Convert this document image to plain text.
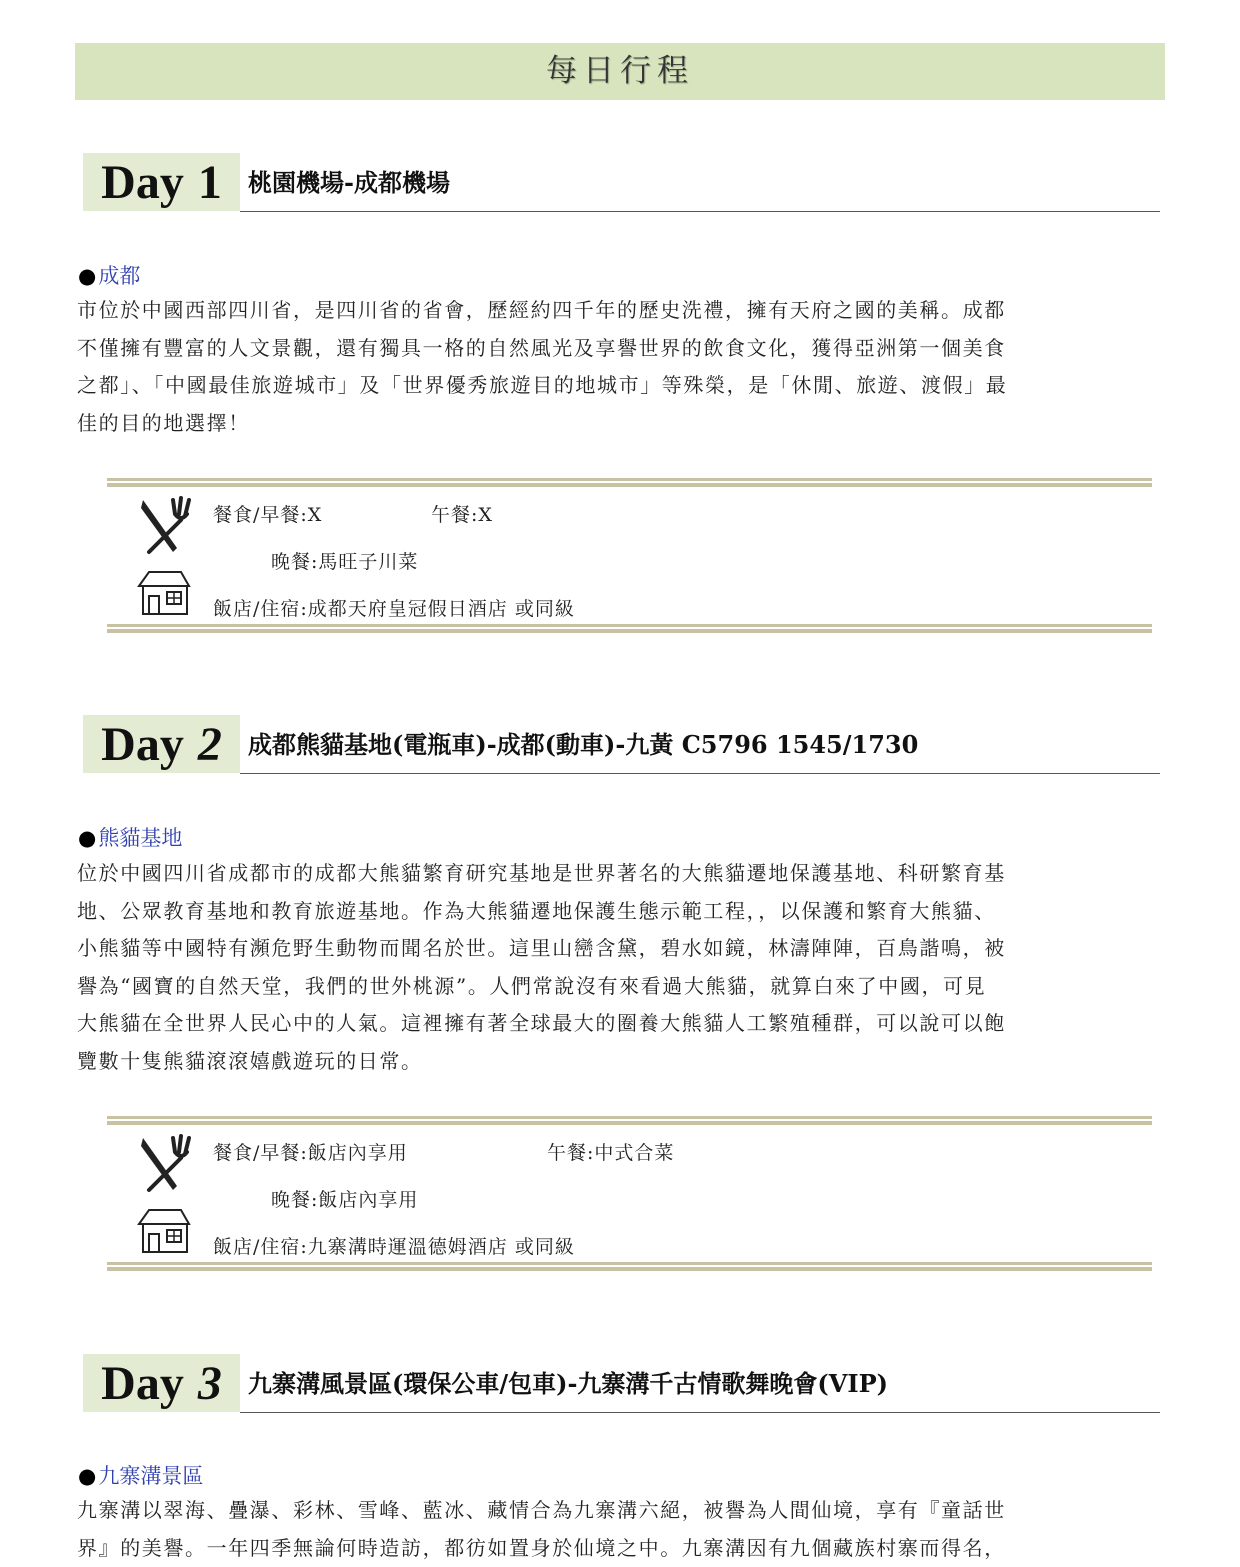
每日行程
Day 1 桃園機場-成都機場
●成都
市位於中國西部四川省，是四川省的省會，歷經約四千年的歷史洗禮，擁有天府之國的美稱。成都
不僅擁有豐富的人文景觀，還有獨具一格的自然風光及享譽世界的飲食文化，獲得亞洲第一個美食
之都」、「中國最佳旅遊城市」及「世界優秀旅遊目的地城市」等殊榮，是「休閒、旅遊、渡假」最
佳的目的地選擇！
餐食/早餐:X	午餐:X
晚餐:馬旺子川菜
飯店/住宿:成都天府皇冠假日酒店 或同級
Day 2 成都熊貓基地(電瓶車)-成都(動車)-九黃 C5796 1545/1730
●熊貓基地
位於中國四川省成都市的成都大熊貓繁育研究基地是世界著名的大熊貓遷地保護基地、科研繁育基
地、公眾教育基地和教育旅遊基地。作為大熊貓遷地保護生態示範工程，，以保護和繁育大熊貓、
小熊貓等中國特有瀕危野生動物而聞名於世。這里山巒含黛，碧水如鏡，林濤陣陣，百鳥諧鳴，被
譽為“國寶的自然天堂，我們的世外桃源”。人們常說沒有來看過大熊貓，就算白來了中國，可見
大熊貓在全世界人民心中的人氣。這裡擁有著全球最大的圈養大熊貓人工繁殖種群，可以說可以飽
覽數十隻熊貓滾滾嬉戲遊玩的日常。
餐食/早餐:飯店內享用	午餐:中式合菜
晚餐:飯店內享用
飯店/住宿:九寨溝時運溫德姆酒店 或同級
Day 3 九寨溝風景區(環保公車/包車)-九寨溝千古情歌舞晚會(VIP)
●九寨溝景區
九寨溝以翠海、疊瀑、彩林、雪峰、藍冰、藏情合為九寨溝六絕，被譽為人間仙境，享有『童話世
界』的美譽。一年四季無論何時造訪，都彷如置身於仙境之中。九寨溝因有九個藏族村寨而得名，
